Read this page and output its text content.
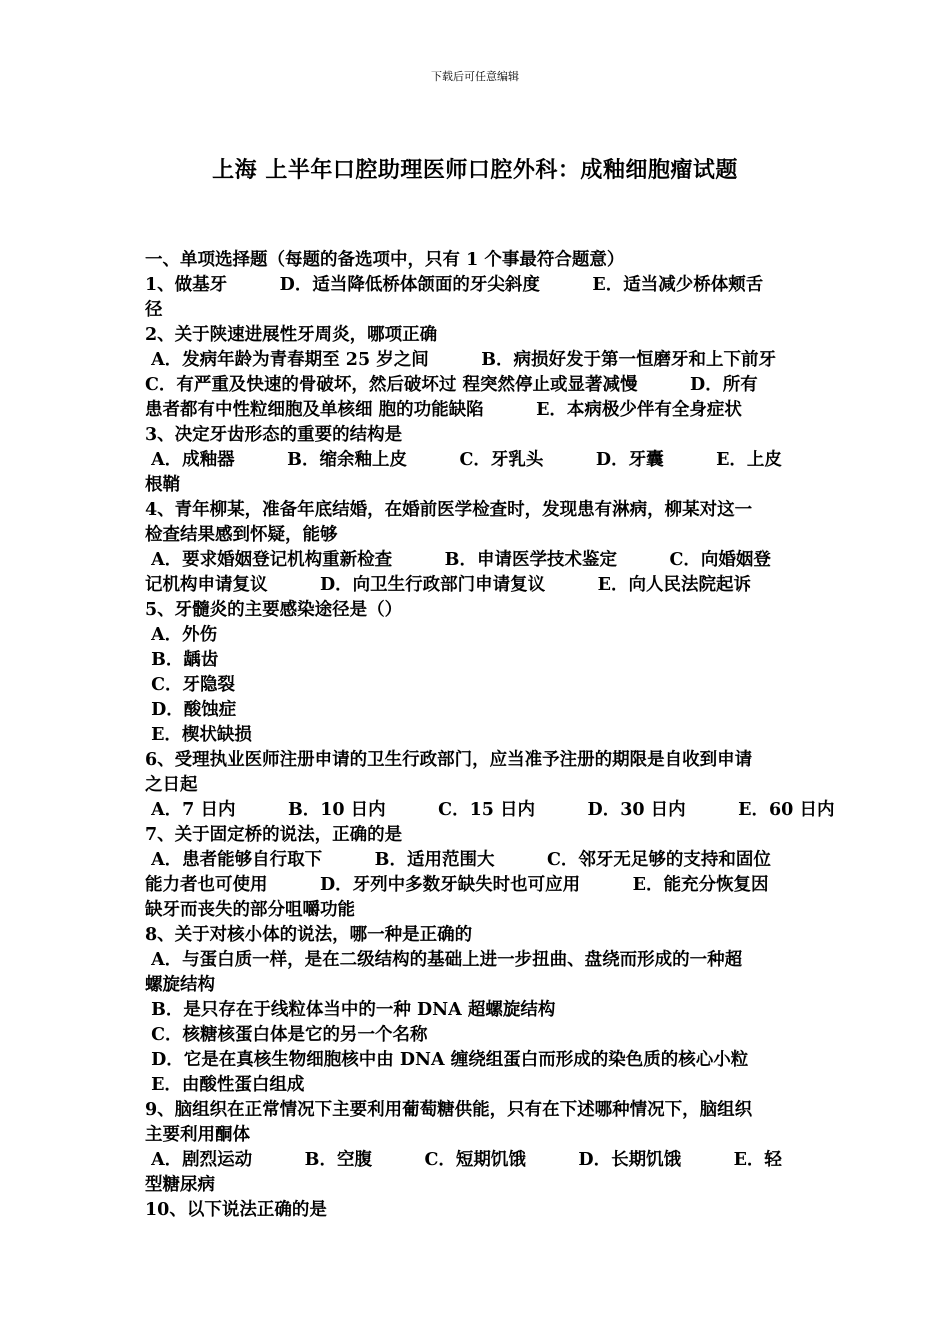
下载后可任意编辑
上海 上半年口腔助理医师口腔外科：成釉细胞瘤试题
一、单项选择题（每题的备选项中，只有 1 个事最符合题意）
1、做基牙　　　D．适当降低桥体颌面的牙尖斜度　　　E．适当减少桥体颊舌
径
2、关于陕速进展性牙周炎，哪项正确
A．发病年龄为青春期至 25 岁之间　　　B．病损好发于第一恒磨牙和上下前牙
C．有严重及快速的骨破坏，然后破坏过 程突然停止或显著减慢　　　D．所有
患者都有中性粒细胞及单核细 胞的功能缺陷　　　E．本病极少伴有全身症状
3、决定牙齿形态的重要的结构是
A．成釉器　　　B．缩余釉上皮　　　C．牙乳头　　　D．牙囊　　　E．上皮
根鞘
4、青年柳某，准备年底结婚，在婚前医学检查时，发现患有淋病，柳某对这一
检查结果感到怀疑，能够
A．要求婚姻登记机构重新检查　　　B．申请医学技术鉴定　　　C．向婚姻登
记机构申请复议　　　D．向卫生行政部门申请复议　　　E．向人民法院起诉
5、牙髓炎的主要感染途径是（）
A．外伤
B．龋齿
C．牙隐裂
D．酸蚀症
E．楔状缺损
6、受理执业医师注册申请的卫生行政部门，应当准予注册的期限是自收到申请
之日起
A．7 日内　　　B．10 日内　　　C．15 日内　　　D．30 日内　　　E．60 日内
7、关于固定桥的说法，正确的是
A．患者能够自行取下　　　B．适用范围大　　　C．邻牙无足够的支持和固位
能力者也可使用　　　D．牙列中多数牙缺失时也可应用　　　E．能充分恢复因
缺牙而丧失的部分咀嚼功能
8、关于对核小体的说法，哪一种是正确的
A．与蛋白质一样，是在二级结构的基础上进一步扭曲、盘绕而形成的一种超
螺旋结构
B．是只存在于线粒体当中的一种 DNA 超螺旋结构
C．核糖核蛋白体是它的另一个名称
D．它是在真核生物细胞核中由 DNA 缠绕组蛋白而形成的染色质的核心小粒
E．由酸性蛋白组成
9、脑组织在正常情况下主要利用葡萄糖供能，只有在下述哪种情况下，脑组织
主要利用酮体
A．剧烈运动　　　B．空腹　　　C．短期饥饿　　　D．长期饥饿　　　E．轻
型糖尿病
10、以下说法正确的是
